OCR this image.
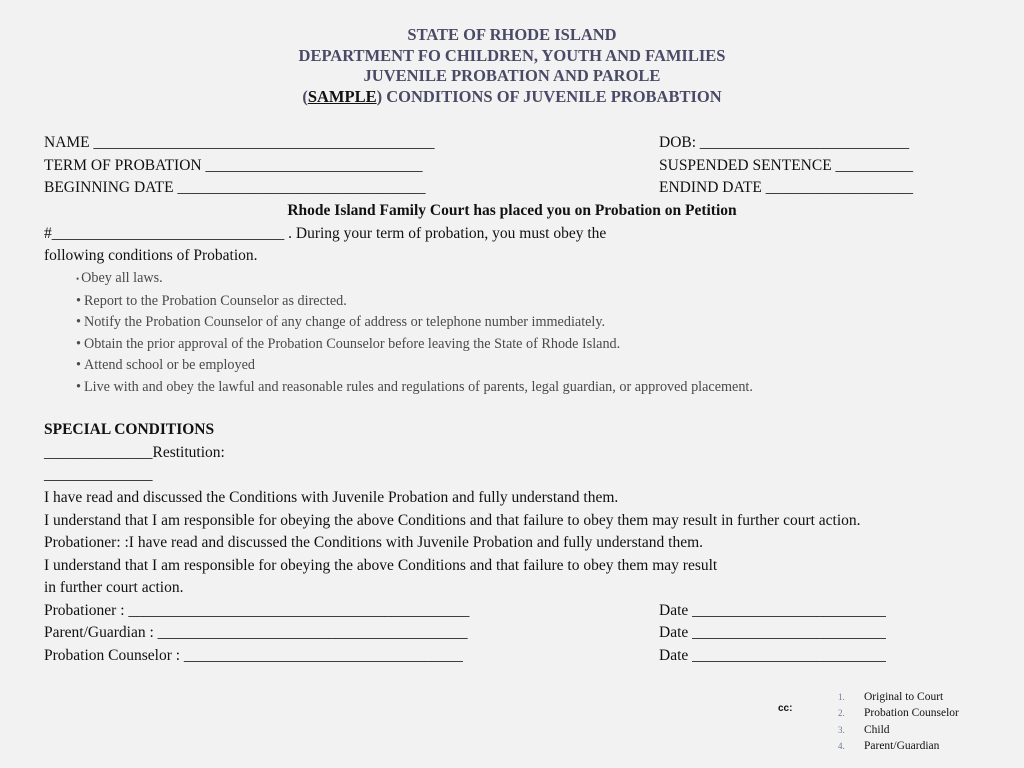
STATE OF RHODE ISLAND
DEPARTMENT FO CHILDREN, YOUTH AND FAMILIES
JUVENILE PROBATION AND PAROLE
(SAMPLE) CONDITIONS OF JUVENILE PROBABTION
NAME ____________________________________________	DOB: ___________________________
TERM OF PROBATION ____________________________	SUSPENDED SENTENCE __________
BEGINNING DATE ________________________________	ENDIND DATE ___________________
Rhode Island Family Court has placed you on Probation on Petition
#______________________________ . During your term of probation, you must obey the
following conditions of Probation.
• Obey all laws.
• Report to the Probation Counselor as directed.
• Notify the Probation Counselor of any change of address or telephone number immediately.
• Obtain the prior approval of the Probation Counselor before leaving the State of Rhode Island.
• Attend school or be employed
• Live with and obey the lawful and reasonable rules and regulations of parents, legal guardian, or approved placement.
SPECIAL CONDITIONS
______________Restitution:
______________
I have read and discussed the Conditions with Juvenile Probation and fully understand them.
I understand that I am responsible for obeying the above Conditions and that failure to obey them may result in further court action.
Probationer: :I have read and discussed the Conditions with Juvenile Probation and fully understand them.
I understand that I am responsible for obeying the above Conditions and that failure to obey them may result
in further court action.
Probationer : ____________________________________________	Date _________________________
Parent/Guardian : ________________________________________	Date _________________________
Probation Counselor : ____________________________________	Date _________________________
cc:
1. Original to Court
2. Probation Counselor
3. Child
4. Parent/Guardian
